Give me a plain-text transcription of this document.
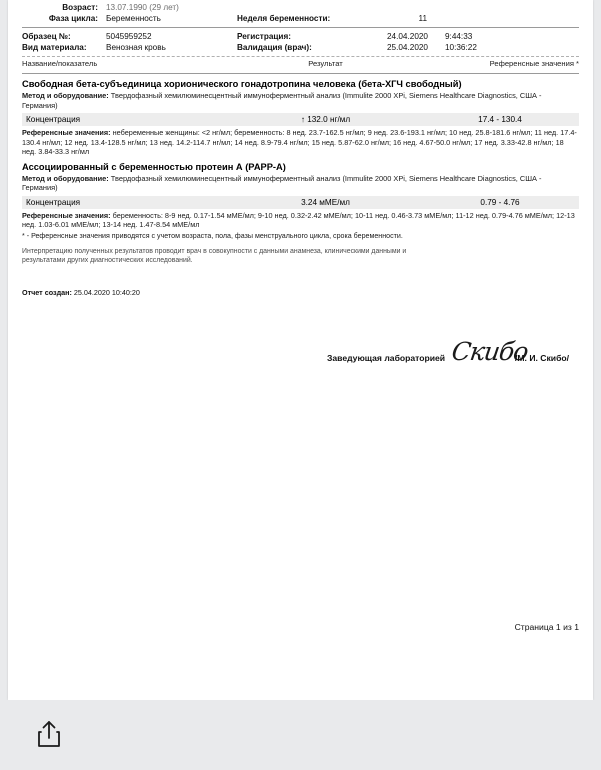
Возраст: 13.07.1990 (29 лет)
Фаза цикла: Беременность
	Неделя беременности:	11
Образец №:	5045959252
Вид материала:	Венозная кровь
Регистрация:	24.04.2020	9:44:33
Валидация (врач):	25.04.2020	10:36:22
Название/показатель	Результат	Референсные значения *
Свободная бета-субъединица хорионического гонадотропина человека (бета-ХГЧ свободный)
Метод и оборудование: Твердофазный хемилюминесцентный иммуноферментный анализ (Immulite 2000 XPi, Siemens Healthcare Diagnostics, США - Германия)
Концентрация	↑ 132.0 нг/мл	17.4 - 130.4
Референсные значения: небеременные женщины: <2 нг/мл; беременность: 8 нед. 23.7-162.5 нг/мл; 9 нед. 23.6-193.1 нг/мл; 10 нед. 25.8-181.6 нг/мл; 11 нед. 17.4-130.4 нг/мл; 12 нед. 13.4-128.5 нг/мл; 13 нед. 14.2-114.7 нг/мл; 14 нед. 8.9-79.4 нг/мл; 15 нед. 5.87-62.0 нг/мл; 16 нед. 4.67-50.0 нг/мл; 17 нед. 3.33-42.8 нг/мл; 18 нед. 3.84-33.3 нг/мл
Ассоциированный с беременностью протеин А (PAPP-A)
Метод и оборудование: Твердофазный хемилюминесцентный иммуноферментный анализ (Immulite 2000 XPi, Siemens Healthcare Diagnostics, США - Германия)
Концентрация	3.24 мМЕ/мл	0.79 - 4.76
Референсные значения: беременность: 8-9 нед. 0.17-1.54 мМЕ/мл; 9-10 нед. 0.32-2.42 мМЕ/мл; 10-11 нед. 0.46-3.73 мМЕ/мл; 11-12 нед. 0.79-4.76 мМЕ/мл; 12-13 нед. 1.03-6.01 мМЕ/мл; 13-14 нед. 1.47-8.54 мМЕ/мл
* - Референсные значения приводятся с учетом возраста, пола, фазы менструального цикла, срока беременности.
Интерпретацию полученных результатов проводит врач в совокупности с данными анамнеза, клиническими данными и результатами других диагностических исследований.
Отчет создан: 25.04.2020 10:40:20
Заведующая лабораторией Скибо
/М. И. Скибо/
Страница 1 из 1
